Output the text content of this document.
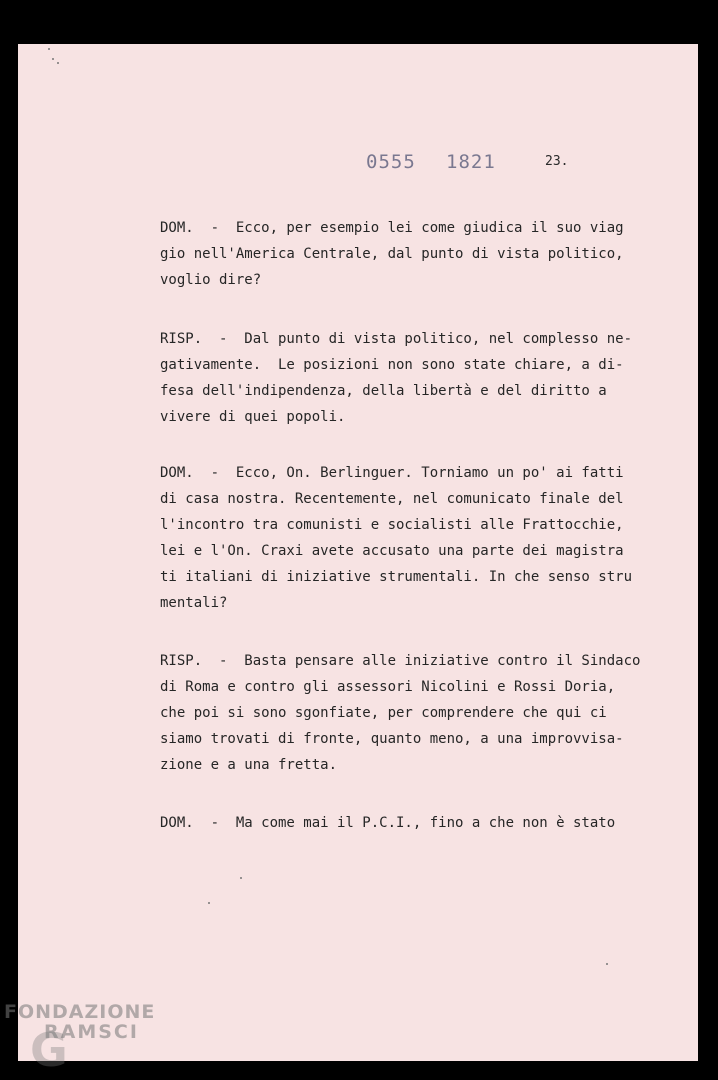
0555 1821	23.
DOM.  -  Ecco, per esempio lei come giudica il suo viag
gio nell'America Centrale, dal punto di vista politico,
voglio dire?
RISP.  -  Dal punto di vista politico, nel complesso ne-
gativamente.  Le posizioni non sono state chiare, a di-
fesa dell'indipendenza, della libertà e del diritto a
vivere di quei popoli.
DOM.  -  Ecco, On. Berlinguer. Torniamo un po' ai fatti
di casa nostra. Recentemente, nel comunicato finale del
l'incontro tra comunisti e socialisti alle Frattocchie,
lei e l'On. Craxi avete accusato una parte dei magistra
ti italiani di iniziative strumentali. In che senso stru
mentali?
RISP.  -  Basta pensare alle iniziative contro il Sindaco
di Roma e contro gli assessori Nicolini e Rossi Doria,
che poi si sono sgonfiate, per comprendere che qui ci
siamo trovati di fronte, quanto meno, a una improvvisa-
zione e a una fretta.
DOM.  -  Ma come mai il P.C.I., fino a che non è stato
G
FONDAZIONE
RAMSCI
